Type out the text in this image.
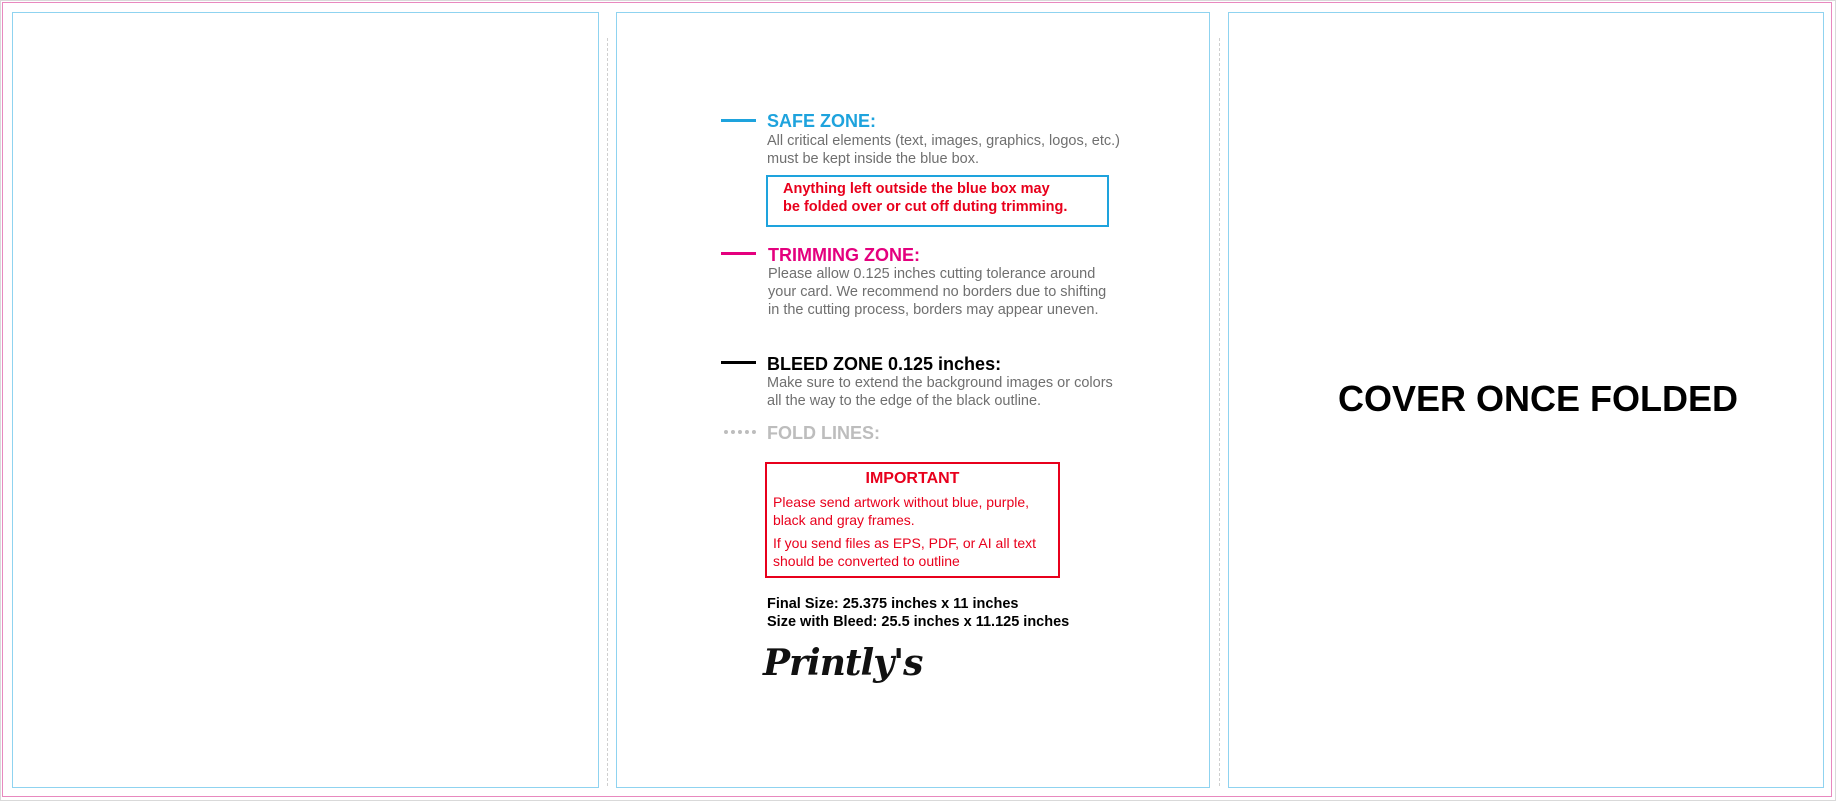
SAFE ZONE:
All critical elements (text, images, graphics, logos, etc.)
must be kept inside the blue box.
Anything left outside the blue box may
be folded over or cut off duting trimming.
TRIMMING ZONE:
Please allow 0.125 inches cutting tolerance around
your card. We recommend no borders due to shifting
in the cutting process, borders may appear uneven.
BLEED ZONE 0.125 inches:
Make sure to extend the background images or colors
all the way to the edge of the black outline.
FOLD LINES:
IMPORTANT
Please send artwork without blue, purple,
black and gray frames.
If you send files as EPS, PDF, or AI all text
should be converted to outline
Final Size: 25.375 inches x 11 inches
Size with Bleed: 25.5 inches x 11.125 inches
Printly's
COVER ONCE FOLDED
